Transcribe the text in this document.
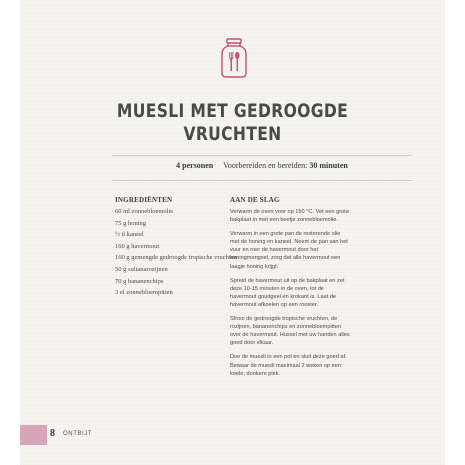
MUESLI MET GEDROOGDE VRUCHTEN
4 personen Voorbereiden en bereiden: 30 minuten
INGREDIËNTEN
60 ml zonnebloemolie
75 g honing
½ tl kaneel
160 g havermout
160 g gemengde gedroogde tropische vruchten
50 g sultanarozijnen
70 g bananenchips
3 el zonnebloempitten
AAN DE SLAG

Verwarm de oven voor op 150 °C. Vet een grote bakplaat in met een beetje zonnebloemolie.

Verwarm in een grote pan de resterende olie met de honing en kaneel. Neem de pan van het vuur en roer de havermout door het honingmengsel, zorg dat alle havermout een laagje honing krijgt.

Spreid de havermout uit op de bakplaat en zet deze 10-15 minuten in de oven, tot de havermout goudgeel en krokant is. Laat de havermout afkoelen op een rooster.

Strooi de gedroogde tropische vruchten, de rozijnen, bananenchips en zonnebloempitten over de havermout. Hussel met uw handen alles goed door elkaar.

Doe de muesli in een pot en sluit deze goed af. Bewaar de muesli maximaal 2 weken op een koele, donkere plek.

8 ONTBIJT
